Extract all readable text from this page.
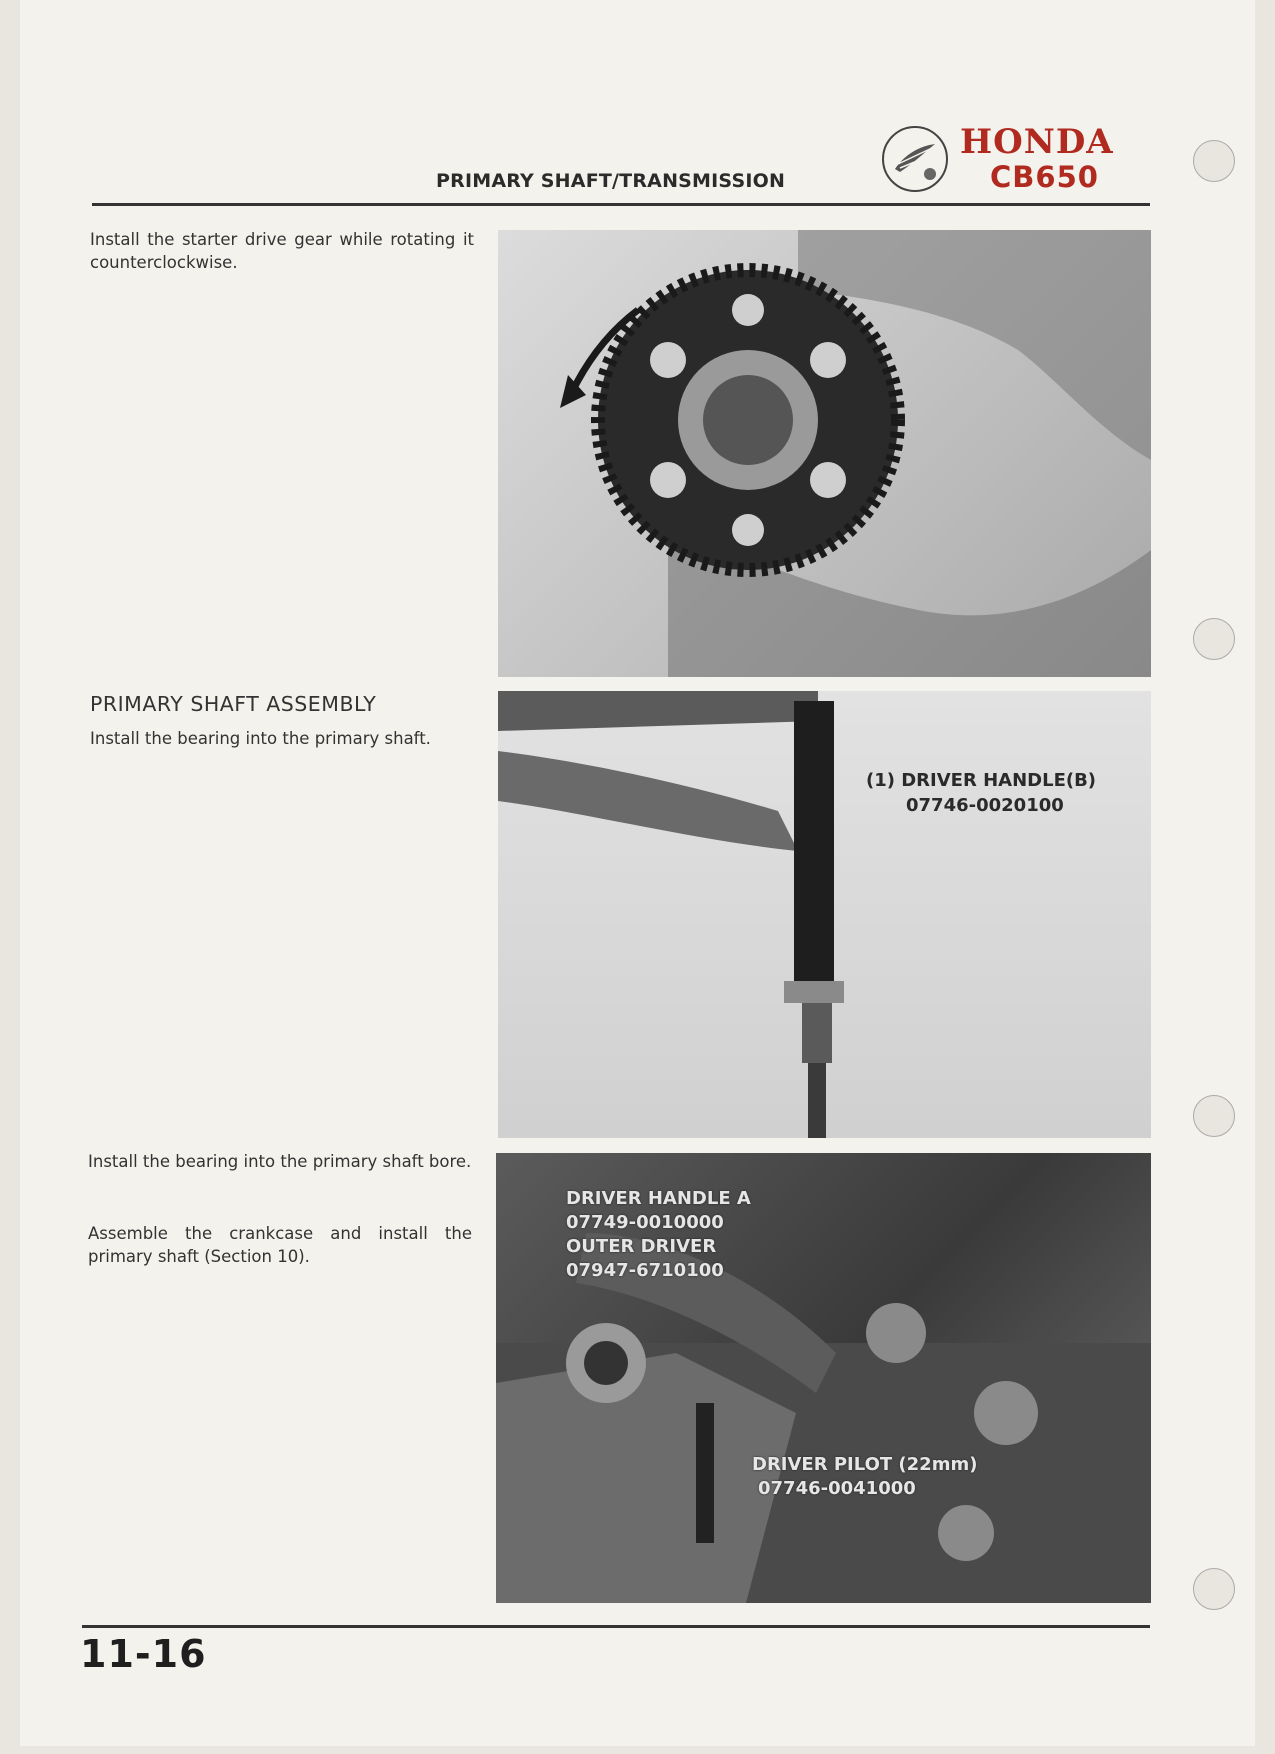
PRIMARY SHAFT/TRANSMISSION
HONDA
CB650
Install the starter drive gear while rotating it counterclockwise.
PRIMARY SHAFT ASSEMBLY
Install the bearing into the primary shaft.
(1) DRIVER HANDLE(B)
07746-0020100
Install the bearing into the primary shaft bore.
Assemble the crankcase and install the primary shaft (Section 10).
DRIVER HANDLE A
07749-0010000
OUTER DRIVER
07947-6710100
DRIVER PILOT (22mm)
07746-0041000
11-16
